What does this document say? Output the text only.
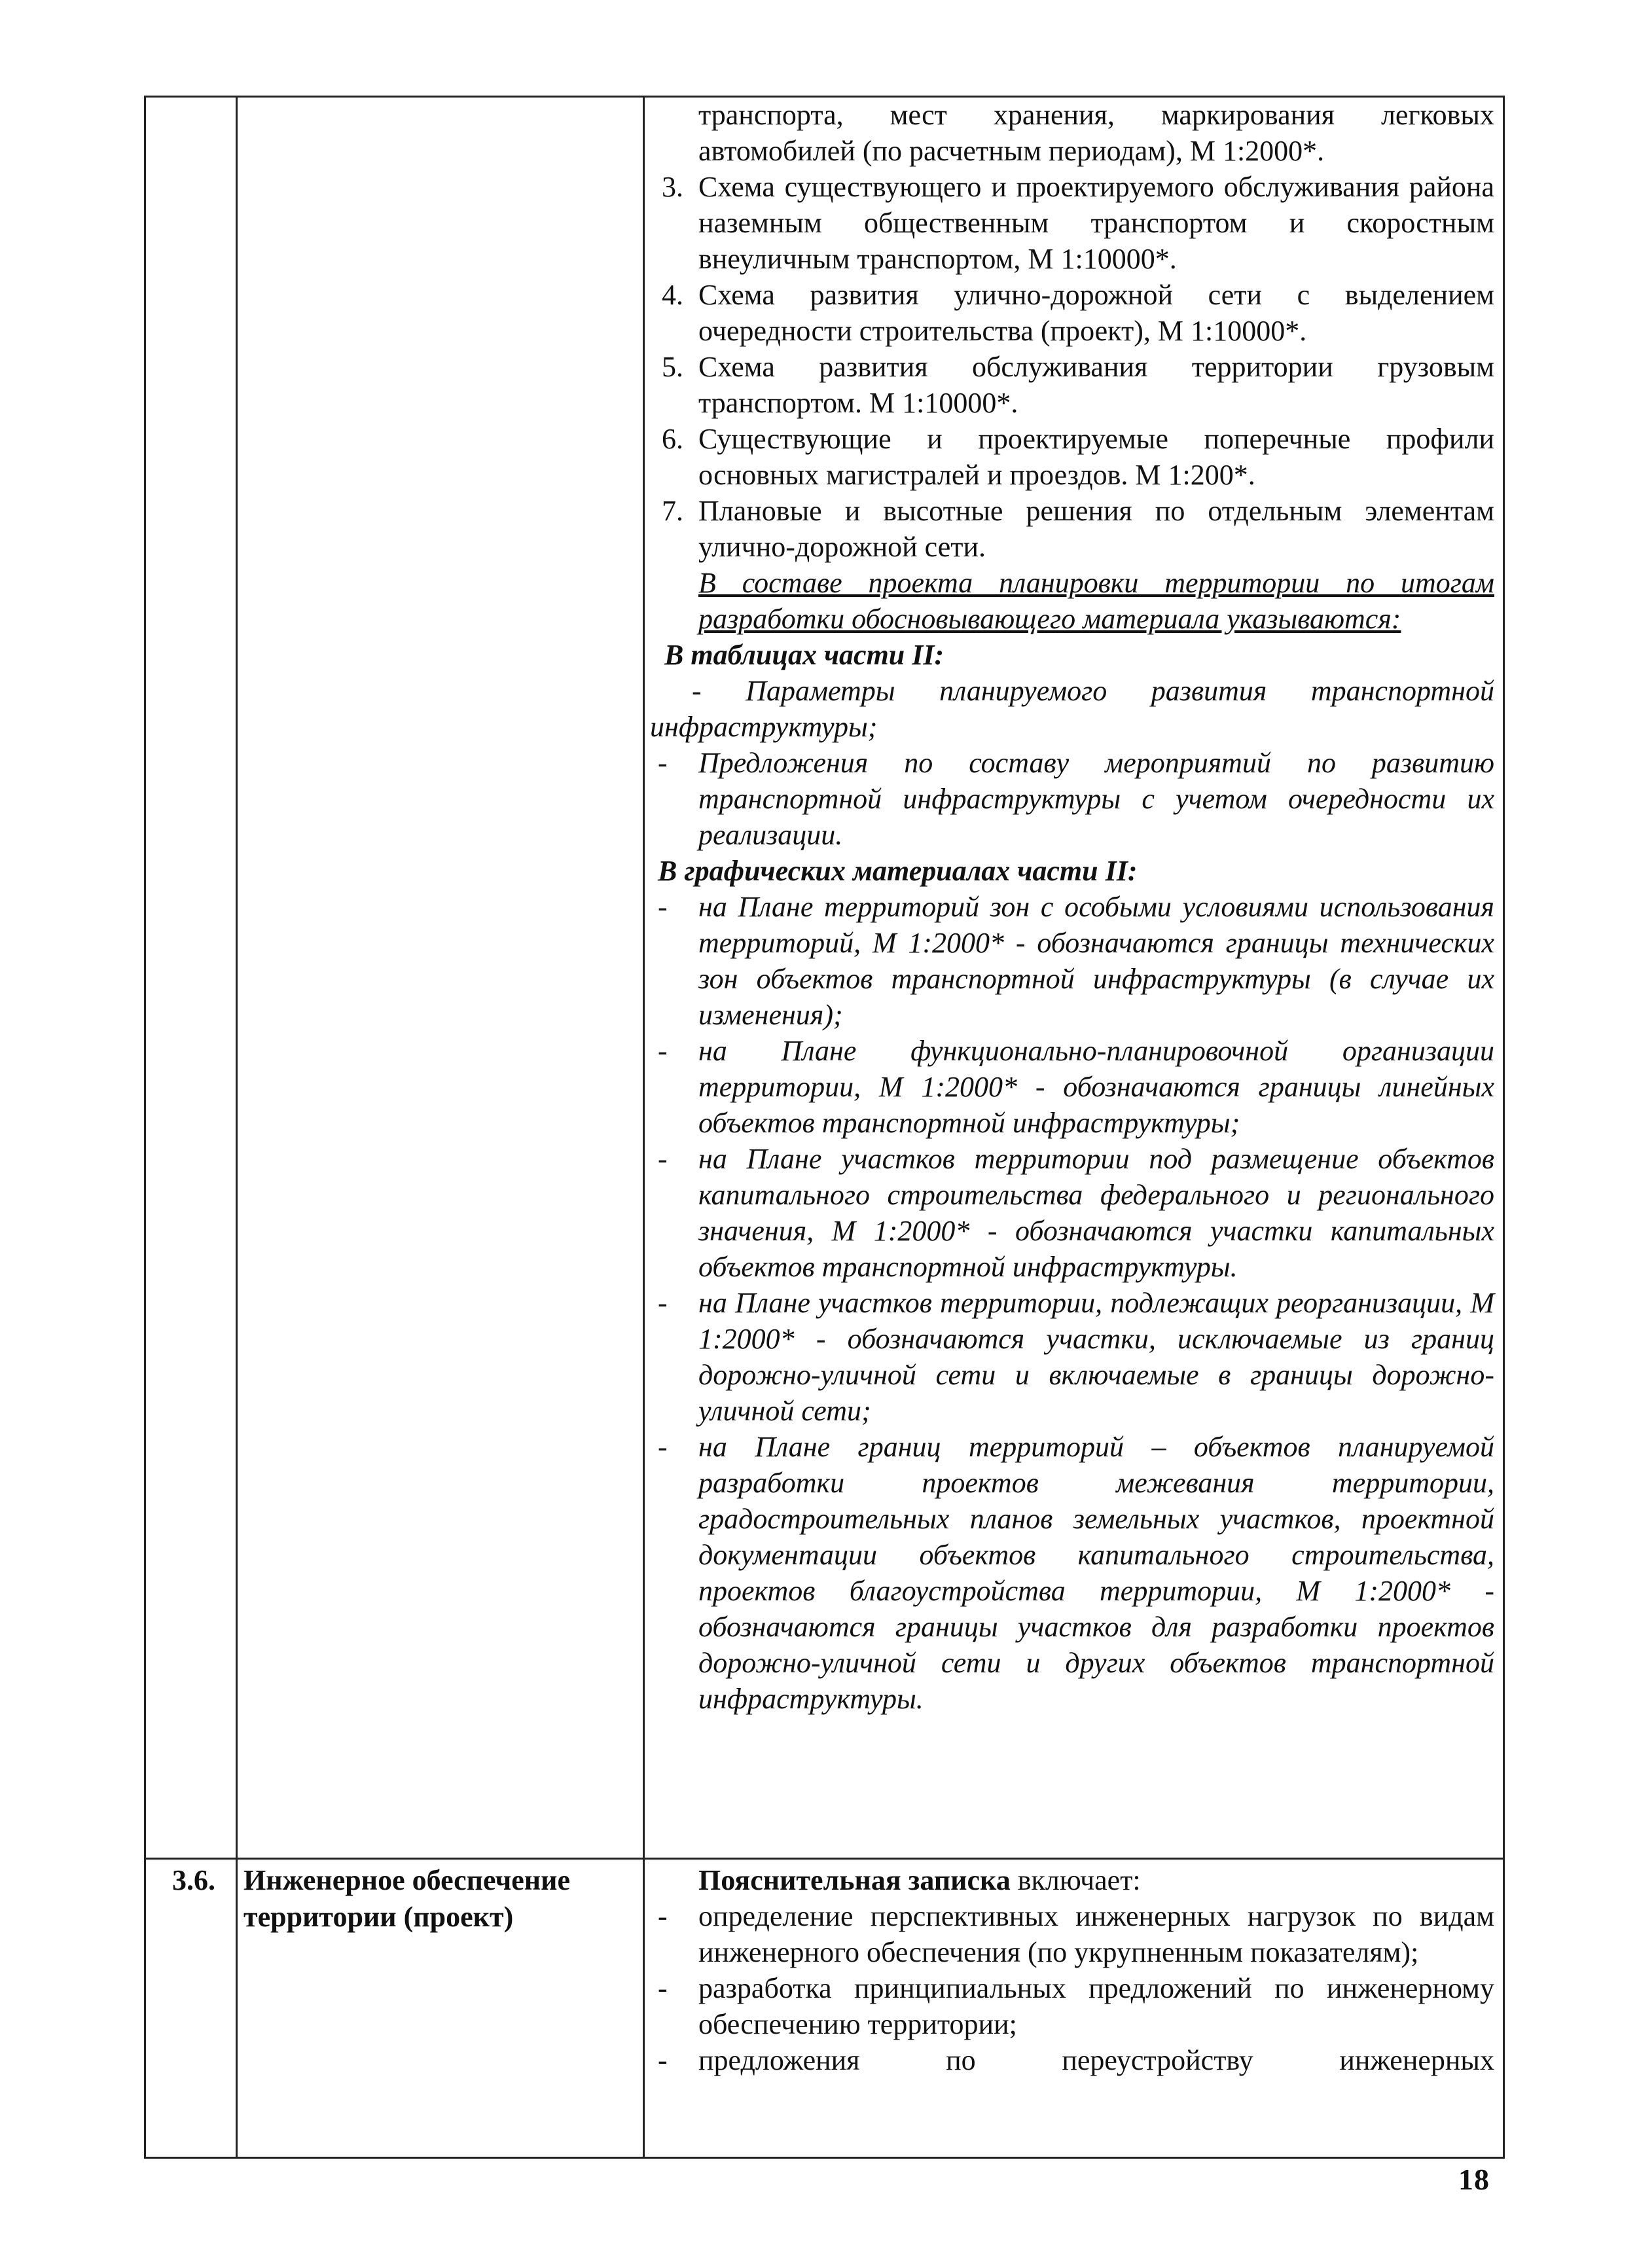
транспорта, мест хранения, маркирования легковых

автомобилей (по расчетным периодам), М 1:2000*.

3. Схема существующего и проектируемого обслуживания района наземным общественным транспортом и скоростным внеуличным транспортом, М 1:10000*.
4. Схема развития улично-дорожной сети с выделением очередности строительства (проект), М 1:10000*.
5. Схема развития обслуживания территории грузовым транспортом. М 1:10000*.
6. Существующие и проектируемые поперечные профили основных магистралей и проездов. М 1:200*.
7. Плановые и высотные решения по отдельным элементам улично-дорожной сети.

В составе проекта планировки территории по итогам разработки обосновывающего материала указываются:

В таблицах части II:

- Параметры планируемого развития транспортной инфраструктуры;

- Предложения по составу мероприятий по развитию транспортной инфраструктуры с учетом очередности их реализации.

В графических материалах части II:

- на Плане территорий зон с особыми условиями использования территорий, М 1:2000* - обозначаются границы технических зон объектов транспортной инфраструктуры (в случае их изменения);
- на Плане функционально-планировочной организации территории, М 1:2000* - обозначаются границы линейных объектов транспортной инфраструктуры;
- на Плане участков территории под размещение объектов капитального строительства федерального и регионального значения, М 1:2000* - обозначаются участки капитальных объектов транспортной инфраструктуры.
- на Плане участков территории, подлежащих реорганизации, М 1:2000* - обозначаются участки, исключаемые из границ дорожно-уличной сети и включаемые в границы дорожно-уличной сети;
- на Плане границ территорий – объектов планируемой разработки проектов межевания территории, градостроительных планов земельных участков, проектной документации объектов капитального строительства, проектов благоустройства территории, М 1:2000* - обозначаются границы участков для разработки проектов дорожно-уличной сети и других объектов транспортной инфраструктуры.

3.6. Инженерное обеспечение территории (проект)

Пояснительная записка включает:

- определение перспективных инженерных нагрузок по видам инженерного обеспечения (по укрупненным показателям);
- разработка принципиальных предложений по инженерному обеспечению территории;
- предложения по переустройству инженерных
18
